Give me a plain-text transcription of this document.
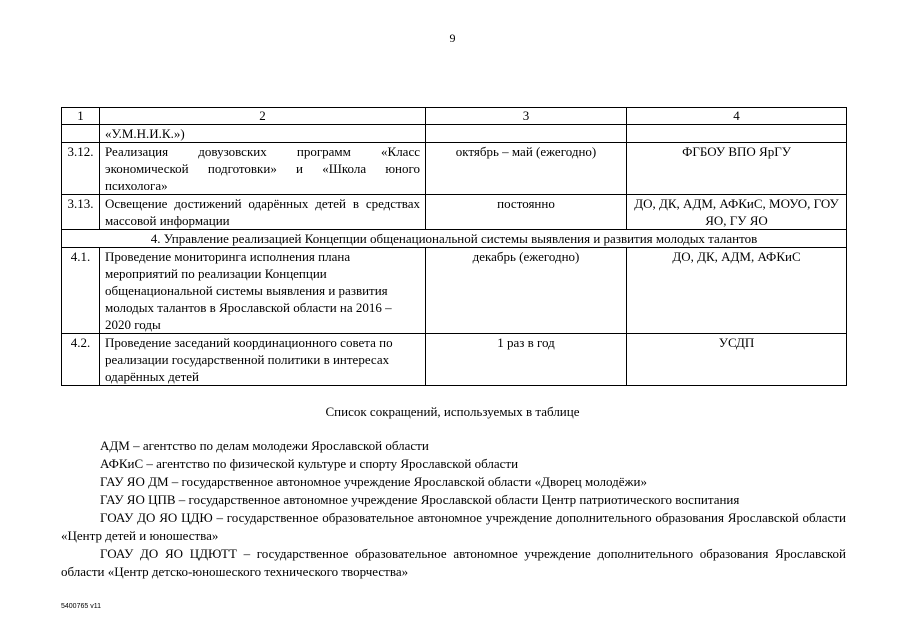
9
1	2	3	4
	«У.М.Н.И.К.»)		
3.12.	Реализация довузовских программ «Класс экономической подготовки» и «Школа юного психолога»	октябрь – май (ежегодно)	ФГБОУ ВПО ЯрГУ
3.13.	Освещение достижений одарённых детей в средствах массовой информации	постоянно	ДО, ДК, АДМ, АФКиС, МОУО, ГОУ ЯО, ГУ ЯО
4. Управление реализацией Концепции общенациональной системы выявления и развития молодых талантов			
4.1.	Проведение мониторинга исполнения плана мероприятий по реализации Концепции общенациональной системы выявления и развития молодых талантов в Ярославской области на 2016 – 2020 годы	декабрь (ежегодно)	ДО, ДК, АДМ, АФКиС
4.2.	Проведение заседаний координационного совета по реализации государственной политики в интересах одарённых детей	1 раз в год	УСДП
Список сокращений, используемых в таблице

АДМ – агентство по делам молодежи Ярославской области

АФКиС – агентство по физической культуре и спорту Ярославской области

ГАУ ЯО ДМ – государственное автономное учреждение Ярославской области «Дворец молодёжи»

ГАУ ЯО ЦПВ – государственное автономное учреждение Ярославской области Центр патриотического воспитания

ГОАУ ДО ЯО ЦДЮ – государственное образовательное автономное учреждение дополнительного образования Ярославской области «Центр детей и юношества»

ГОАУ ДО ЯО ЦДЮТТ – государственное образовательное автономное учреждение дополнительного образования Ярославской области «Центр детско-юношеского технического творчества»

5400765 v11
